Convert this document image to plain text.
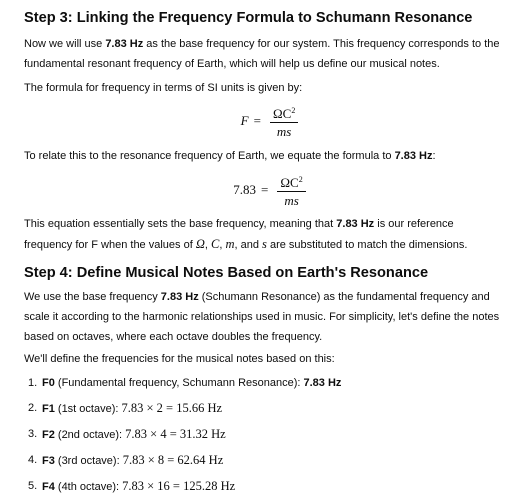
Step 3: Linking the Frequency Formula to Schumann Resonance

Now we will use 7.83 Hz as the base frequency for our system. This frequency corresponds to the
fundamental resonant frequency of Earth, which will help us define our musical notes.

The formula for frequency in terms of SI units is given by:

$F = \frac{\Omega C^2}{ms}$

To relate this to the resonance frequency of Earth, we equate the formula to 7.83 Hz:

$7.83 = \frac{\Omega C^2}{ms}$

This equation essentially sets the base frequency, meaning that 7.83 Hz is our reference
frequency for F when the values of Ω, C, m, and s are substituted to match the dimensions.

Step 4: Define Musical Notes Based on Earth's Resonance

We use the base frequency 7.83 Hz (Schumann Resonance) as the fundamental frequency and
scale it according to the harmonic relationships used in music. For simplicity, let's define the notes
based on octaves, where each octave doubles the frequency.

We'll define the frequencies for the musical notes based on this:

1. F0 (Fundamental frequency, Schumann Resonance): 7.83 Hz
2. F1 (1st octave): 7.83 × 2 = 15.66 Hz
3. F2 (2nd octave): 7.83 × 4 = 31.32 Hz
4. F3 (3rd octave): 7.83 × 8 = 62.64 Hz
5. F4 (4th octave): 7.83 × 16 = 125.28 Hz
